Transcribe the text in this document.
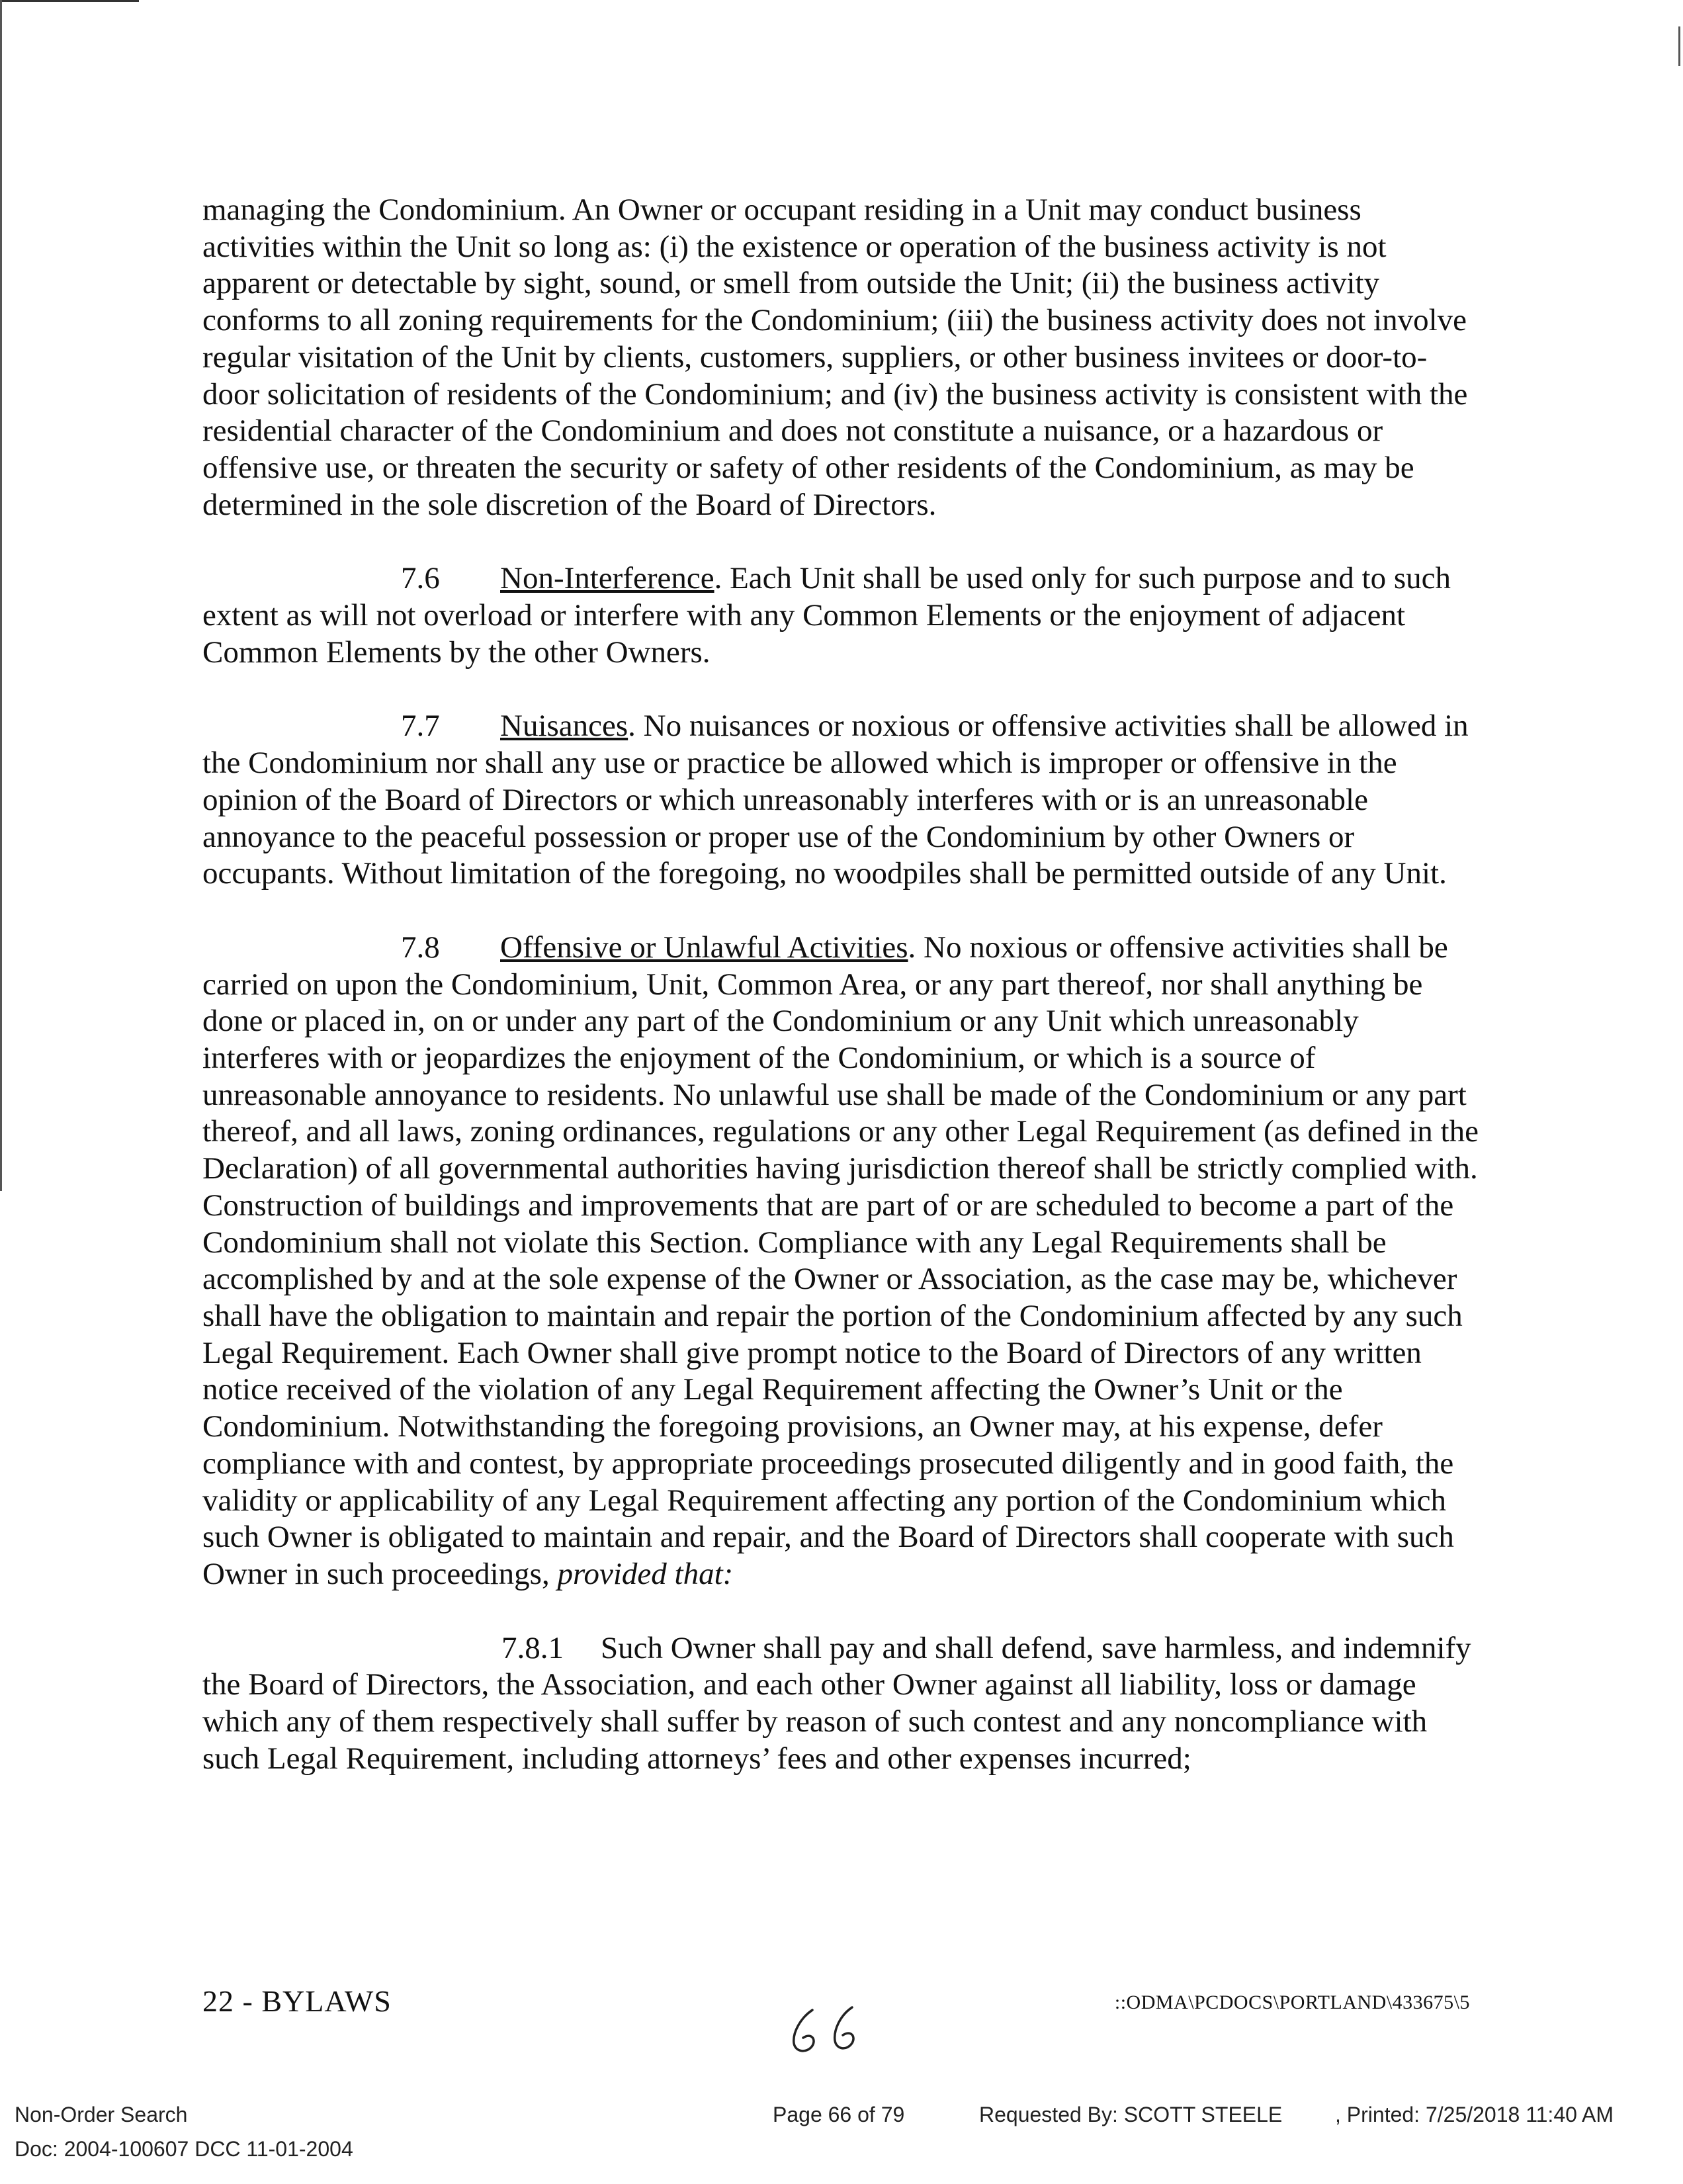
managing the Condominium. An Owner or occupant residing in a Unit may conduct business activities within the Unit so long as: (i) the existence or operation of the business activity is not apparent or detectable by sight, sound, or smell from outside the Unit; (ii) the business activity conforms to all zoning requirements for the Condominium; (iii) the business activity does not involve regular visitation of the Unit by clients, customers, suppliers, or other business invitees or door-to-door solicitation of residents of the Condominium; and (iv) the business activity is consistent with the residential character of the Condominium and does not constitute a nuisance, or a hazardous or offensive use, or threaten the security or safety of other residents of the Condominium, as may be determined in the sole discretion of the Board of Directors.

7.6 Non-Interference. Each Unit shall be used only for such purpose and to such extent as will not overload or interfere with any Common Elements or the enjoyment of adjacent Common Elements by the other Owners.

7.7 Nuisances. No nuisances or noxious or offensive activities shall be allowed in the Condominium nor shall any use or practice be allowed which is improper or offensive in the opinion of the Board of Directors or which unreasonably interferes with or is an unreasonable annoyance to the peaceful possession or proper use of the Condominium by other Owners or occupants. Without limitation of the foregoing, no woodpiles shall be permitted outside of any Unit.

7.8 Offensive or Unlawful Activities. No noxious or offensive activities shall be carried on upon the Condominium, Unit, Common Area, or any part thereof, nor shall anything be done or placed in, on or under any part of the Condominium or any Unit which unreasonably interferes with or jeopardizes the enjoyment of the Condominium, or which is a source of unreasonable annoyance to residents. No unlawful use shall be made of the Condominium or any part thereof, and all laws, zoning ordinances, regulations or any other Legal Requirement (as defined in the Declaration) of all governmental authorities having jurisdiction thereof shall be strictly complied with. Construction of buildings and improvements that are part of or are scheduled to become a part of the Condominium shall not violate this Section. Compliance with any Legal Requirements shall be accomplished by and at the sole expense of the Owner or Association, as the case may be, whichever shall have the obligation to maintain and repair the portion of the Condominium affected by any such Legal Requirement. Each Owner shall give prompt notice to the Board of Directors of any written notice received of the violation of any Legal Requirement affecting the Owner’s Unit or the Condominium. Notwithstanding the foregoing provisions, an Owner may, at his expense, defer compliance with and contest, by appropriate proceedings prosecuted diligently and in good faith, the validity or applicability of any Legal Requirement affecting any portion of the Condominium which such Owner is obligated to maintain and repair, and the Board of Directors shall cooperate with such Owner in such proceedings, provided that:

7.8.1 Such Owner shall pay and shall defend, save harmless, and indemnify the Board of Directors, the Association, and each other Owner against all liability, loss or damage which any of them respectively shall suffer by reason of such contest and any noncompliance with such Legal Requirement, including attorneys’ fees and other expenses incurred;

22 - BYLAWS	::ODMA\PCDOCS\PORTLAND\433675\5
Non-Order Search
Doc: 2004-100607 DCC 11-01-2004
Page 66 of 79	Requested By: SCOTT STEELE , Printed: 7/25/2018 11:40 AM
